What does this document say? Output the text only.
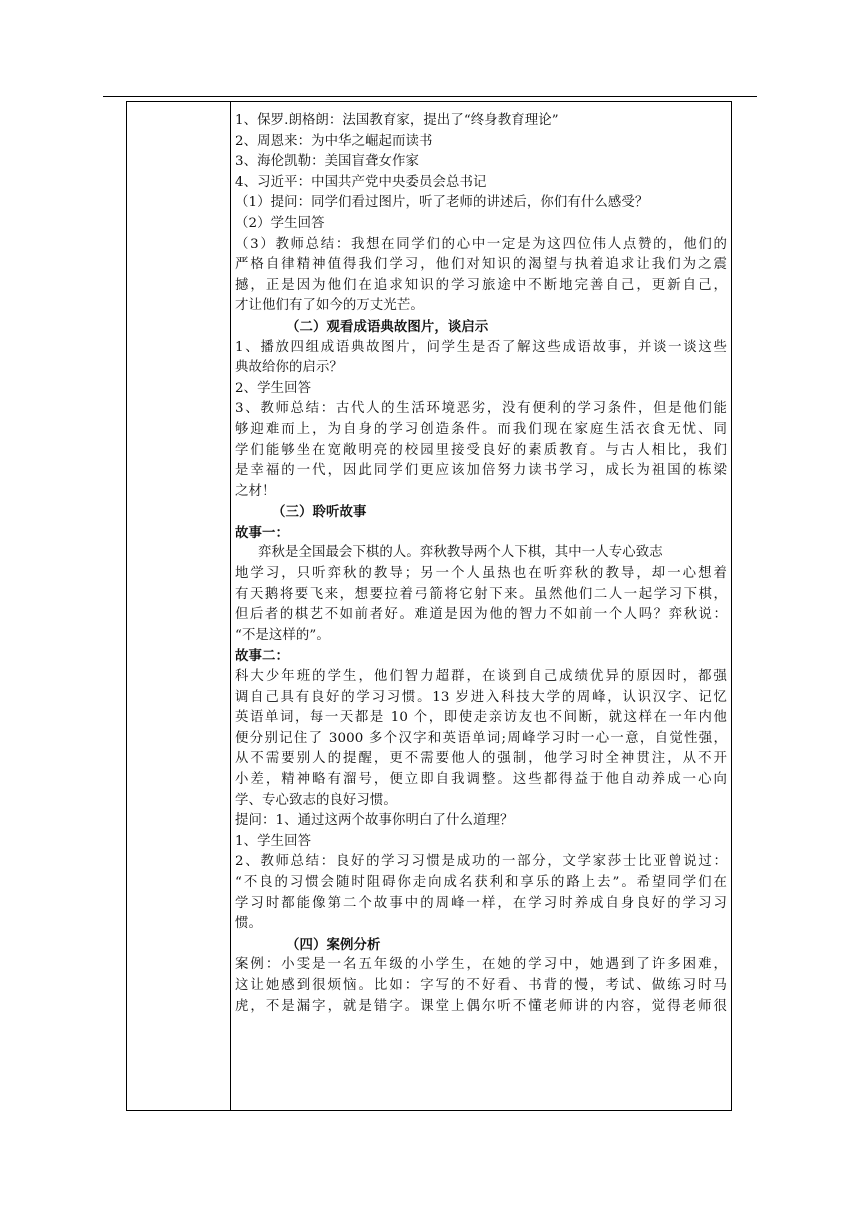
1、保罗.朗格朗：法国教育家，提出了“终身教育理论”
2、周恩来：为中华之崛起而读书
3、海伦凯勒：美国盲聋女作家
4、习近平：中国共产党中央委员会总书记
（1）提问：同学们看过图片，听了老师的讲述后，你们有什么感受？
（2）学生回答
（3）教师总结：我想在同学们的心中一定是为这四位伟人点赞的，他们的
严格自律精神值得我们学习，他们对知识的渴望与执着追求让我们为之震
撼，正是因为他们在追求知识的学习旅途中不断地完善自己，更新自己，
才让他们有了如今的万丈光芒。
（二）观看成语典故图片，谈启示
1、播放四组成语典故图片，问学生是否了解这些成语故事，并谈一谈这些
典故给你的启示？
2、学生回答
3、教师总结：古代人的生活环境恶劣，没有便利的学习条件，但是他们能
够迎难而上，为自身的学习创造条件。而我们现在家庭生活衣食无忧、同
学们能够坐在宽敞明亮的校园里接受良好的素质教育。与古人相比，我们
是幸福的一代，因此同学们更应该加倍努力读书学习，成长为祖国的栋梁
之材！
（三）聆听故事
故事一：
弈秋是全国最会下棋的人。弈秋教导两个人下棋，其中一人专心致志
地学习，只听弈秋的教导；另一个人虽热也在听弈秋的教导，却一心想着
有天鹅将要飞来，想要拉着弓箭将它射下来。虽然他们二人一起学习下棋，
但后者的棋艺不如前者好。难道是因为他的智力不如前一个人吗？弈秋说：
“不是这样的”。
故事二：
科大少年班的学生，他们智力超群，在谈到自己成绩优异的原因时，都强
调自己具有良好的学习习惯。13 岁进入科技大学的周峰，认识汉字、记忆
英语单词，每一天都是 10 个，即使走亲访友也不间断，就这样在一年内他
便分别记住了 3000 多个汉字和英语单词;周峰学习时一心一意，自觉性强，
从不需要别人的提醒，更不需要他人的强制，他学习时全神贯注，从不开
小差，精神略有溜号，便立即自我调整。这些都得益于他自动养成一心向
学、专心致志的良好习惯。
提问：1、通过这两个故事你明白了什么道理？
1、学生回答
2、教师总结：良好的学习习惯是成功的一部分，文学家莎士比亚曾说过：
“不良的习惯会随时阻碍你走向成名获利和享乐的路上去”。希望同学们在
学习时都能像第二个故事中的周峰一样，在学习时养成自身良好的学习习
惯。
（四）案例分析
案例：小雯是一名五年级的小学生，在她的学习中，她遇到了许多困难，
这让她感到很烦恼。比如：字写的不好看、书背的慢，考试、做练习时马
虎，不是漏字，就是错字。课堂上偶尔听不懂老师讲的内容，觉得老师很
